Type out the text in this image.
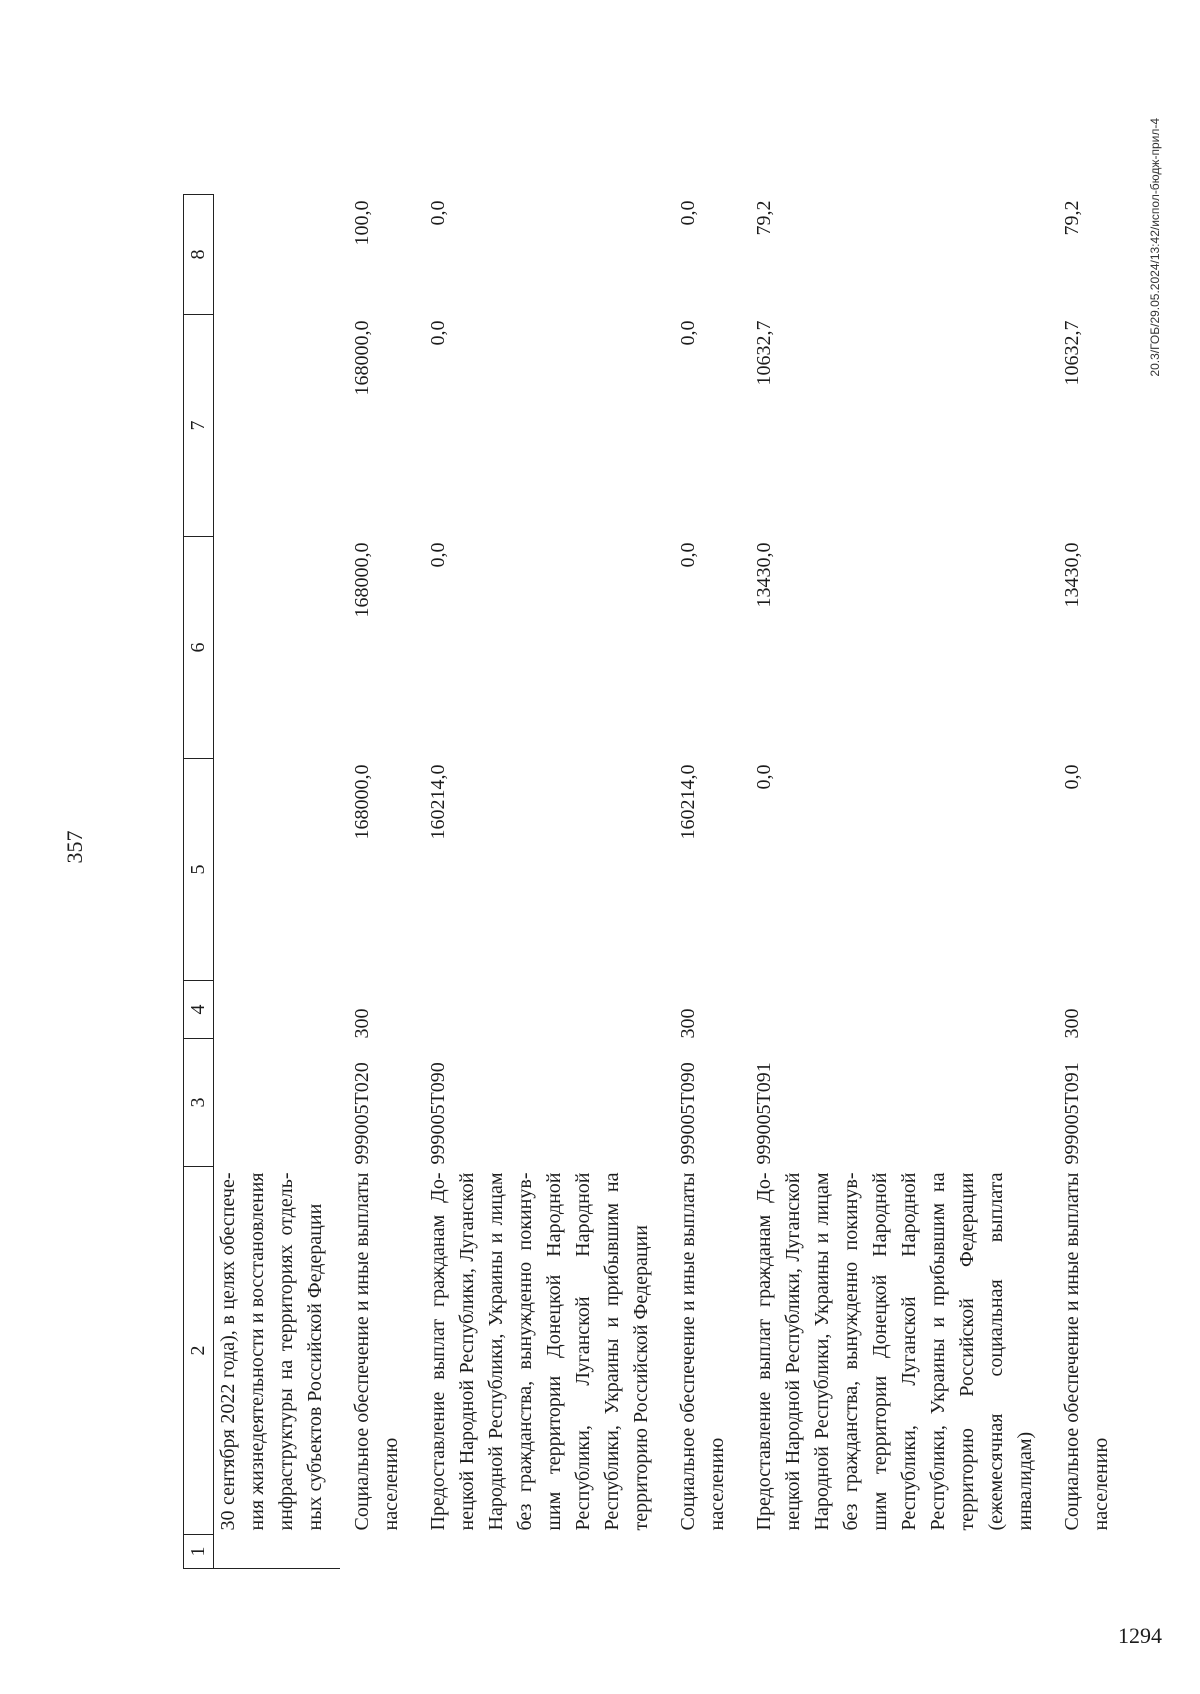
357
1	2	3	4	5	6	7	8
	30 сентября 2022 года), в целях обеспечения жизнедеятельности и восстановления инфраструктуры на территориях отдельных субъектов Российской Федерации						
	Социальное обеспечение и иные выплаты населению	999005Т020	300	168000,0	168000,0	168000,0	100,0
	Предоставление выплат гражданам Донецкой Народной Республики, Луганской Народной Республики, Украины и лицам без гражданства, вынужденно покинувшим территории Донецкой Народной Республики, Луганской Народной Республики, Украины и прибывшим на территорию Российской Федерации	999005Т090		160214,0	0,0	0,0	0,0
	Социальное обеспечение и иные выплаты населению	999005Т090	300	160214,0	0,0	0,0	0,0
	Предоставление выплат гражданам Донецкой Народной Республики, Луганской Народной Республики, Украины и лицам без гражданства, вынужденно покинувшим территории Донецкой Народной Республики, Луганской Народной Республики, Украины и прибывшим на территорию Российской Федерации (ежемесячная социальная выплата инвалидам)	999005Т091		0,0	13430,0	10632,7	79,2
	Социальное обеспечение и иные выплаты населению	999005Т091	300	0,0	13430,0	10632,7	79,2	20.3/ГОБ/29.05.2024/13:42/испол-бюдж-прил-4
1294
